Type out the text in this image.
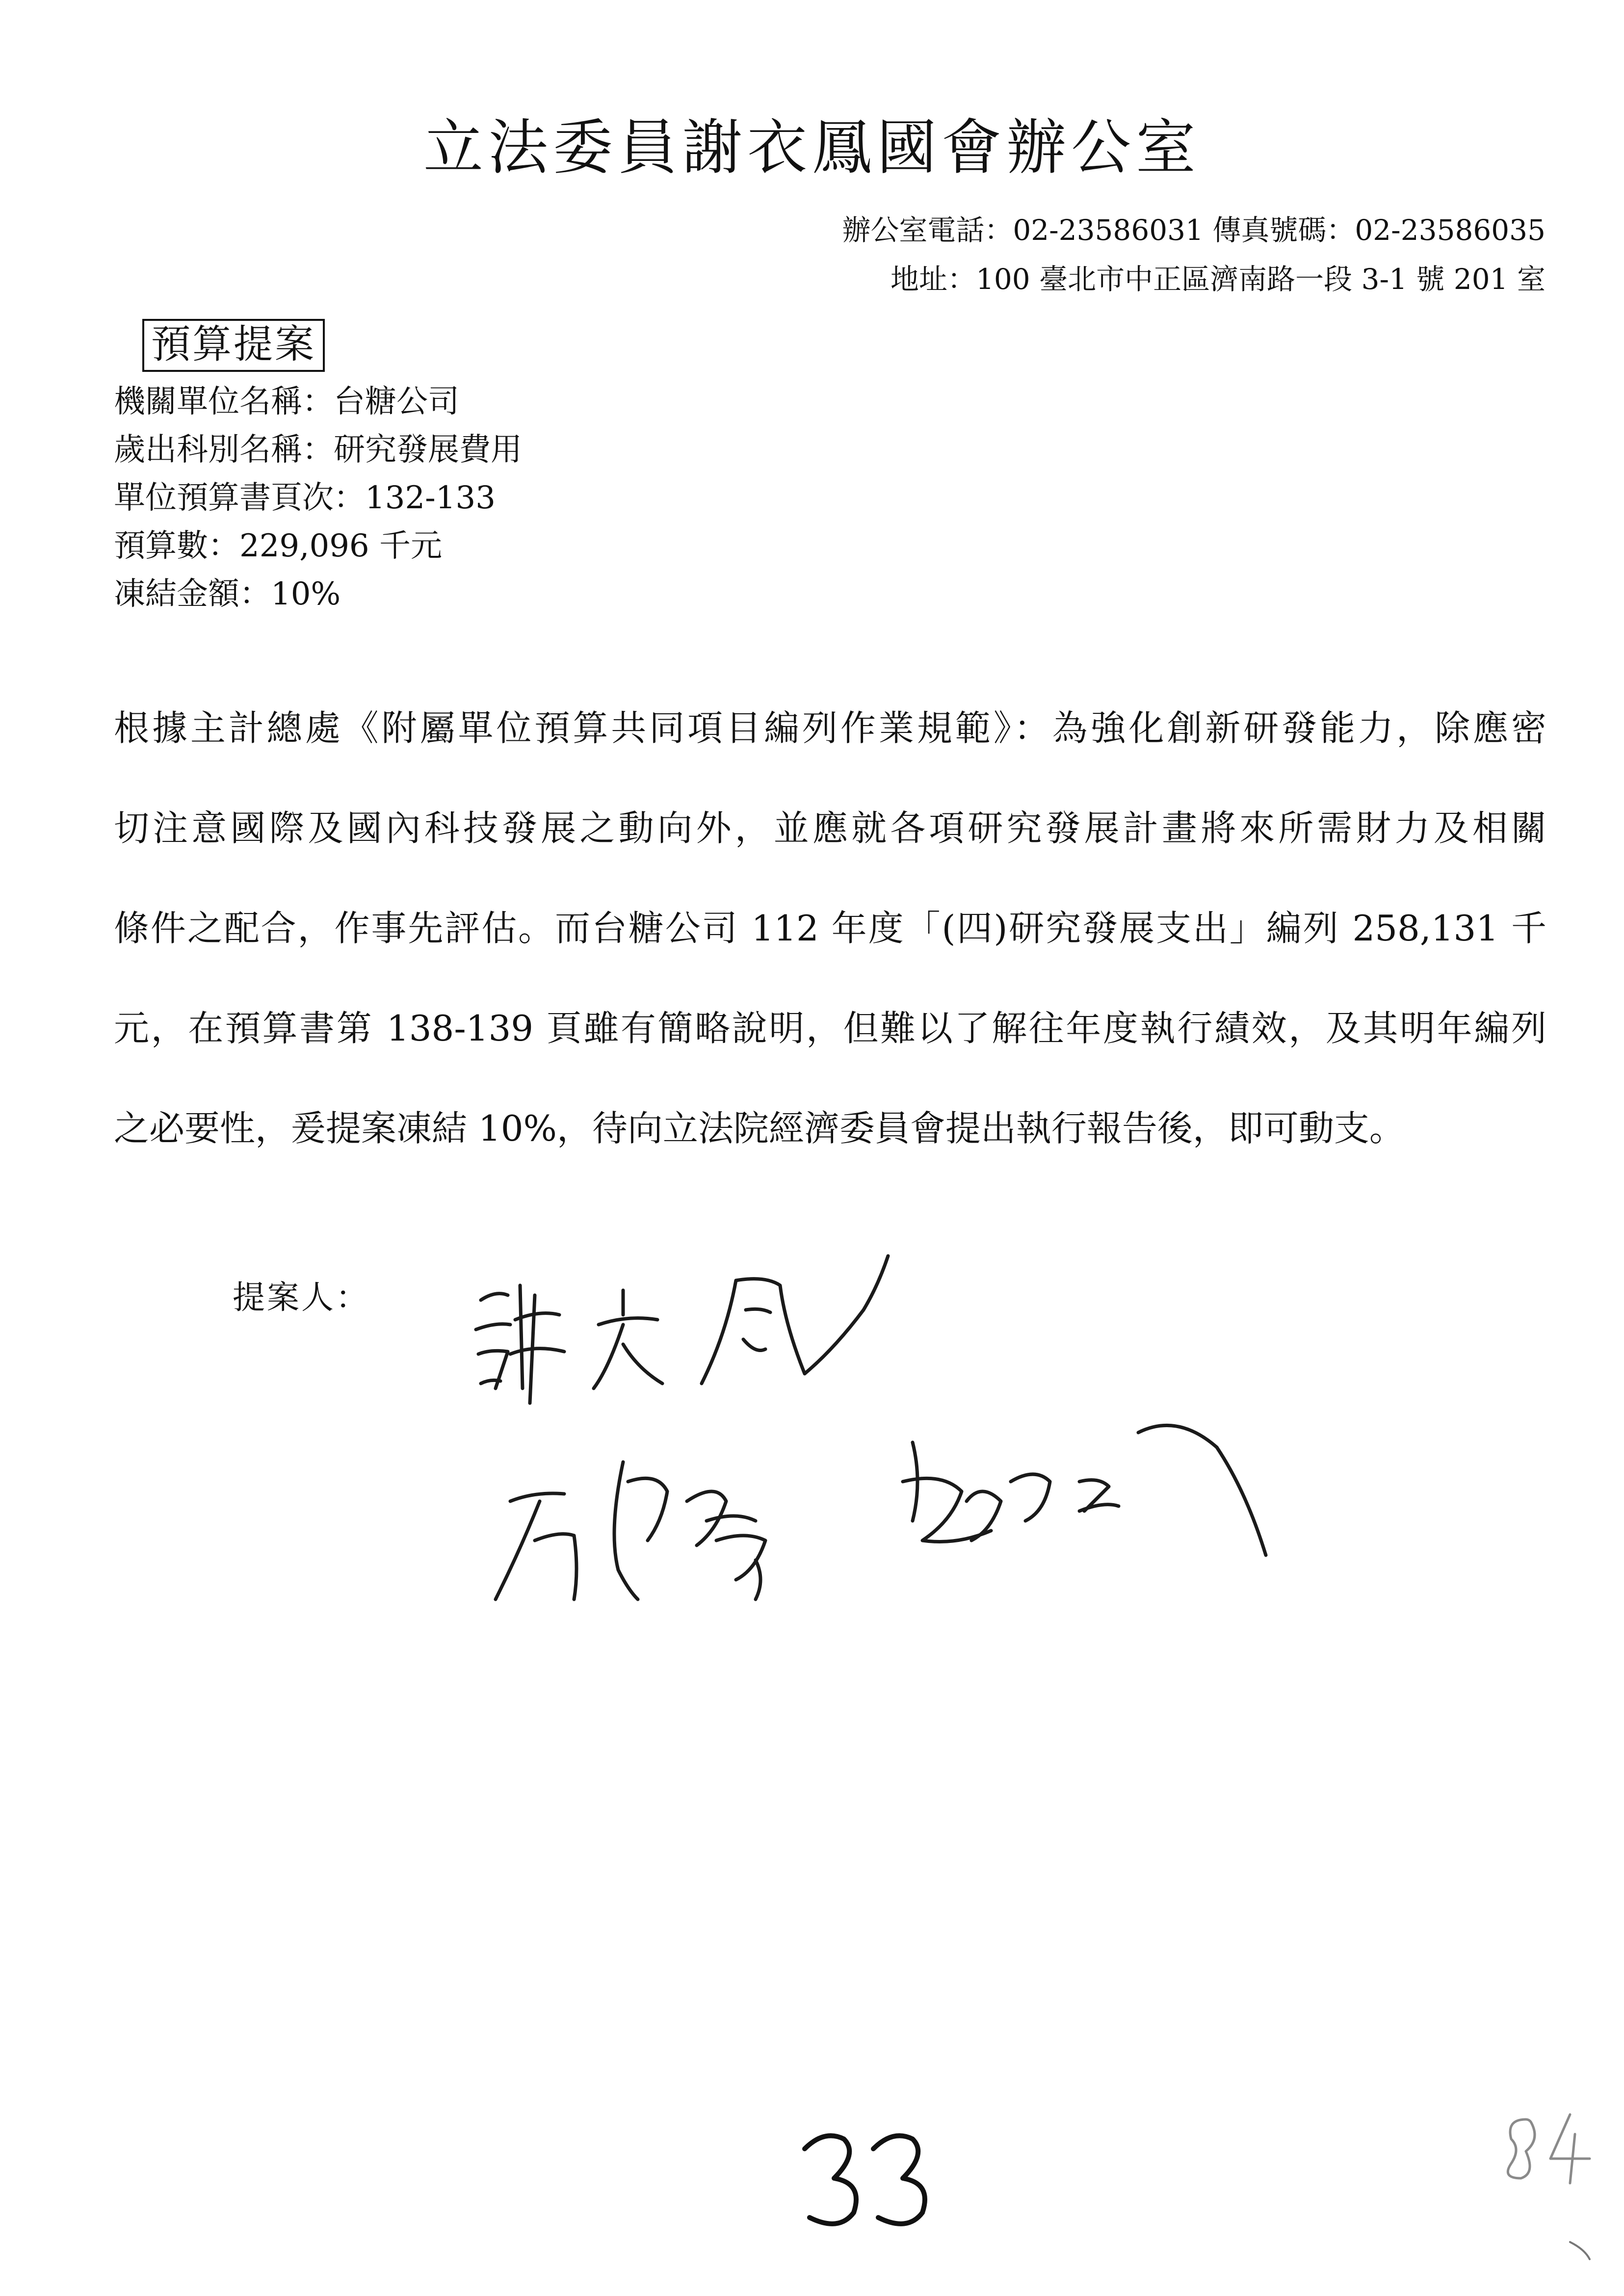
立法委員謝衣鳳國會辦公室
辦公室電話：02-23586031 傳真號碼：02-23586035
地址：100 臺北市中正區濟南路一段 3-1 號 201 室
預算提案
機關單位名稱：台糖公司
歲出科別名稱：研究發展費用
單位預算書頁次：132-133
預算數：229,096 千元
凍結金額：10%
根據主計總處《附屬單位預算共同項目編列作業規範》：為強化創新研發能力，除應密
切注意國際及國內科技發展之動向外，並應就各項研究發展計畫將來所需財力及相關
條件之配合，作事先評估。而台糖公司 112 年度「(四)研究發展支出」編列 258,131 千
元，在預算書第 138-139 頁雖有簡略說明，但難以了解往年度執行績效，及其明年編列
之必要性，爰提案凍結 10%，待向立法院經濟委員會提出執行報告後，即可動支。
提案人：
